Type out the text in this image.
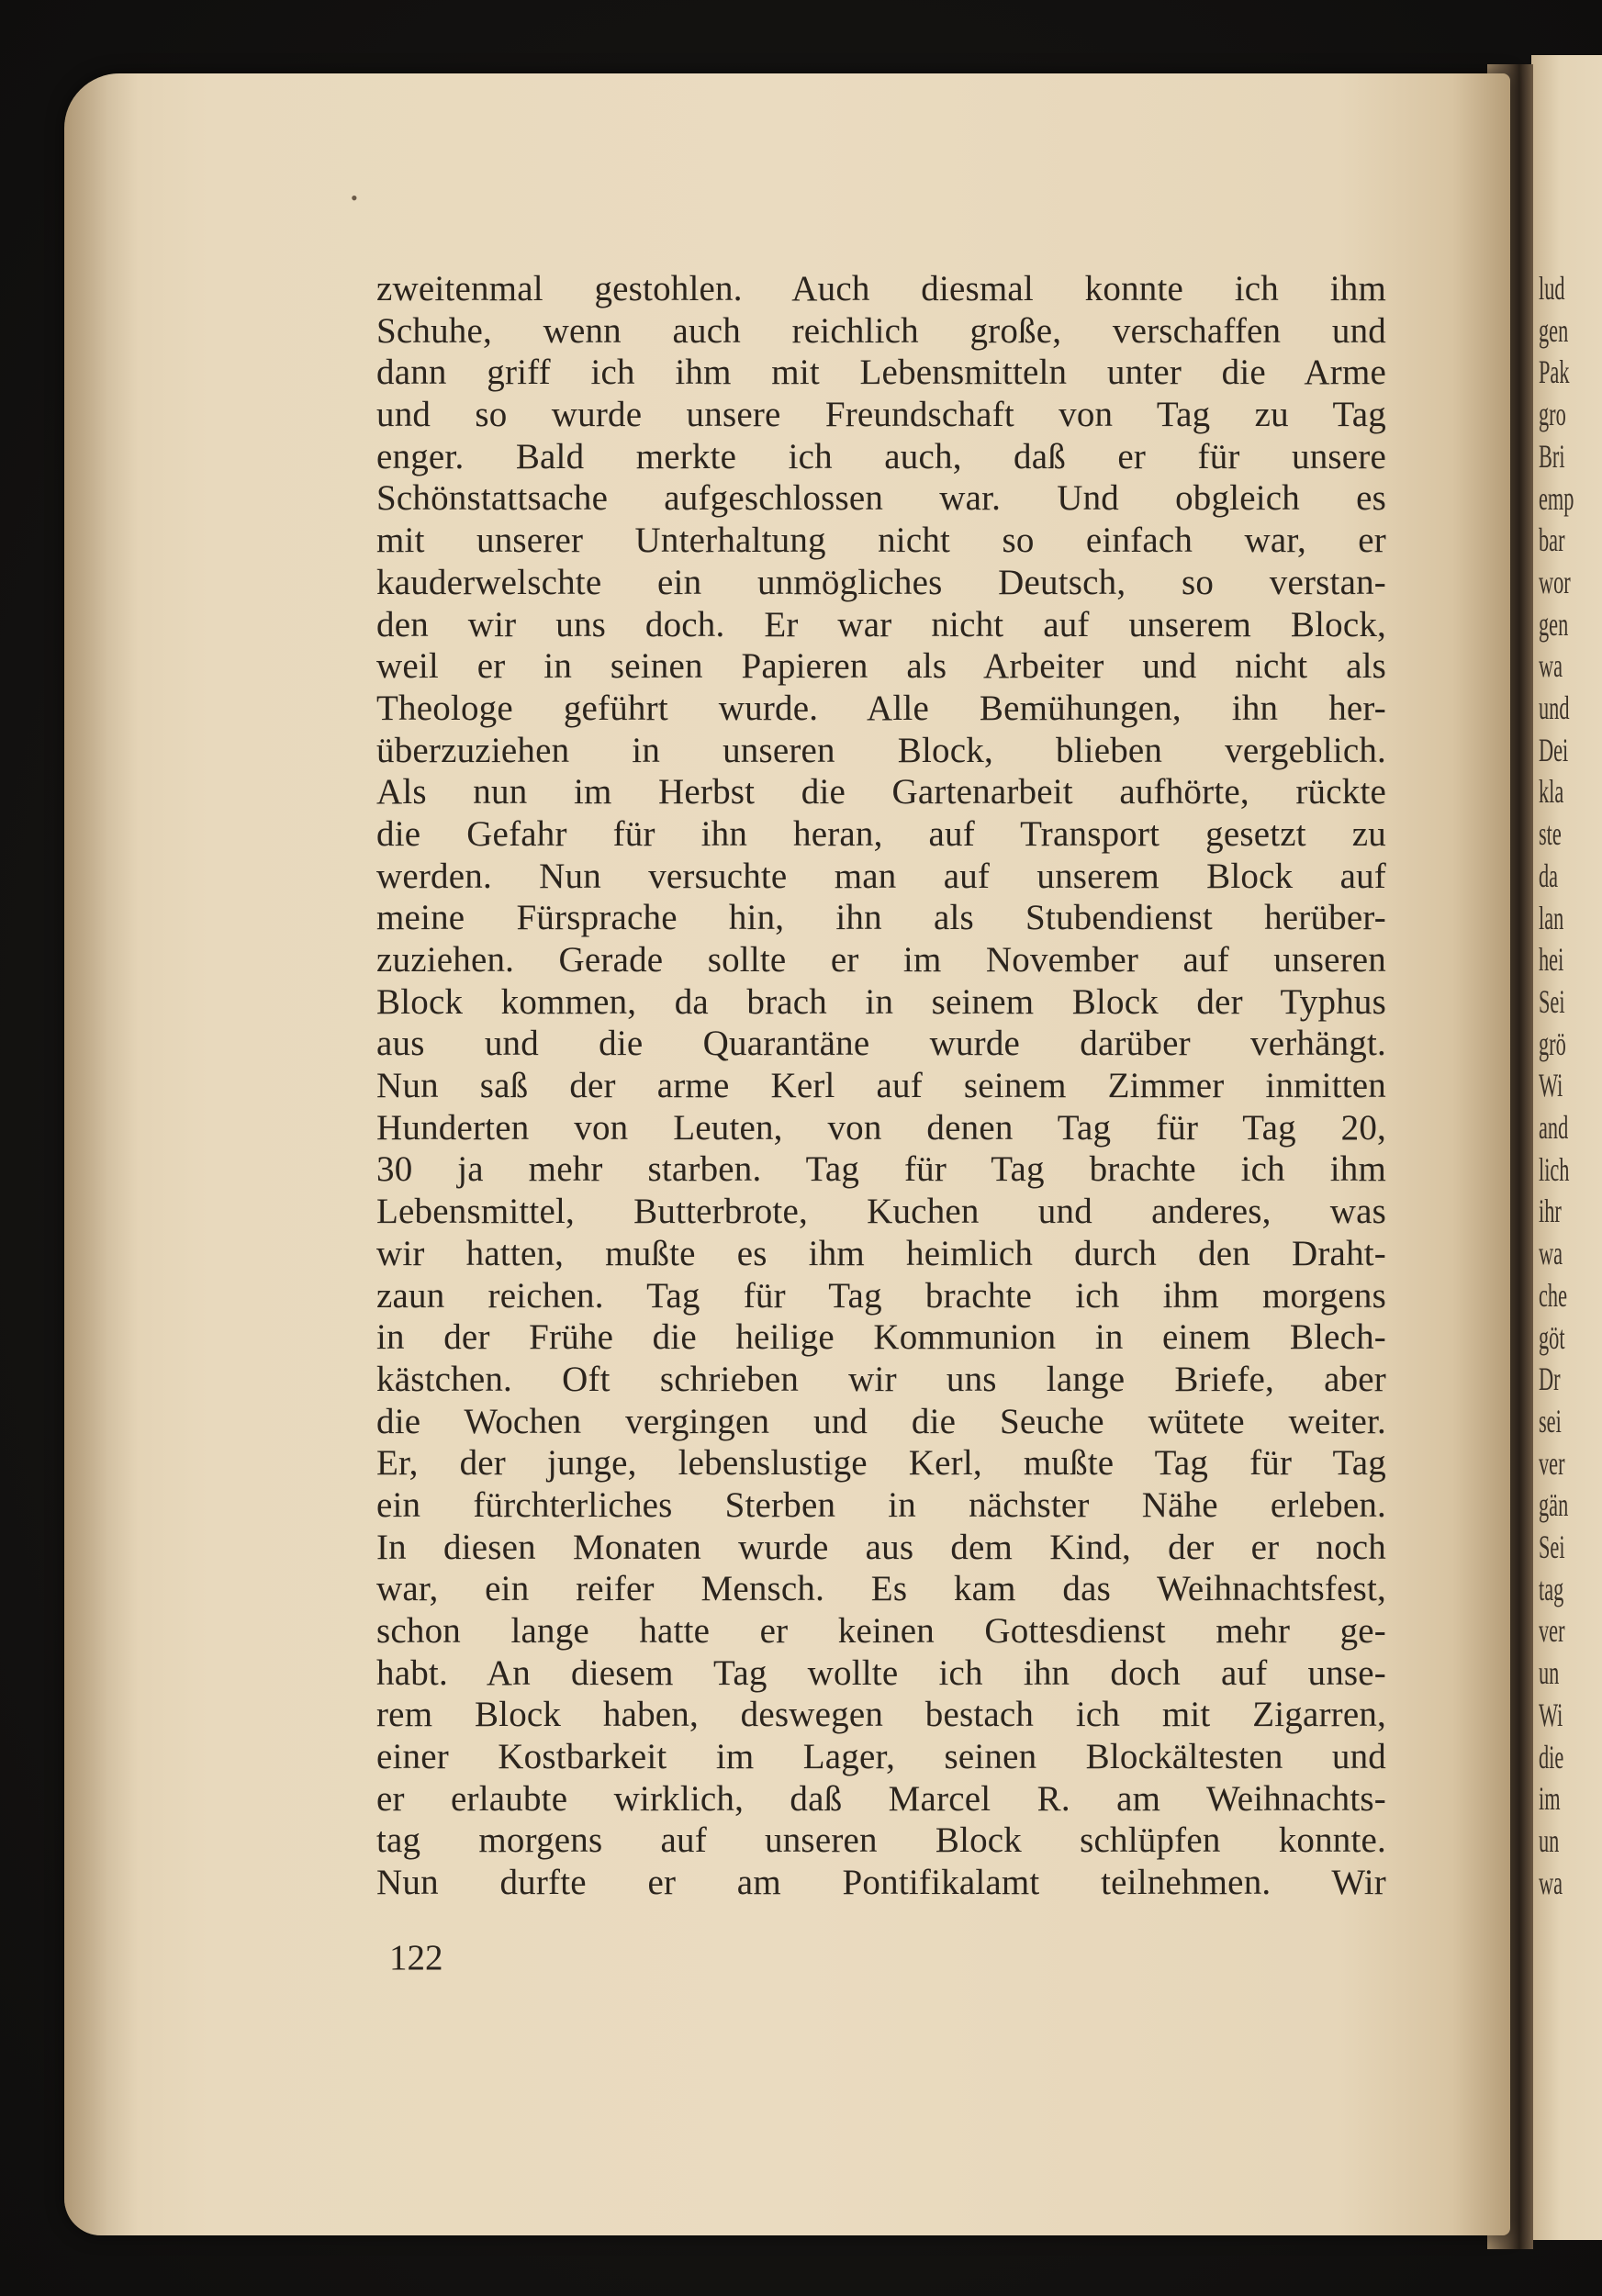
lud
gen
Pak
gro
Bri
emp
bar
wor
gen
wa
und
Dei
kla
ste
da
lan
hei
Sei
grö
Wi
and
lich
ihr
wa
che
göt
Dr
sei
ver
gän
Sei
tag
ver
un
Wi
die
im
un
wa
•
zweitenmal gestohlen. Auch diesmal konnte ich ihm
Schuhe, wenn auch reichlich große, verschaffen und
dann griff ich ihm mit Lebensmitteln unter die Arme
und so wurde unsere Freundschaft von Tag zu Tag
enger. Bald merkte ich auch, daß er für unsere
Schönstattsache aufgeschlossen war. Und obgleich es
mit unserer Unterhaltung nicht so einfach war, er
kauderwelschte ein unmögliches Deutsch, so verstan-
den wir uns doch. Er war nicht auf unserem Block,
weil er in seinen Papieren als Arbeiter und nicht als
Theologe geführt wurde. Alle Bemühungen, ihn her-
überzuziehen in unseren Block, blieben vergeblich.
Als nun im Herbst die Gartenarbeit aufhörte, rückte
die Gefahr für ihn heran, auf Transport gesetzt zu
werden. Nun versuchte man auf unserem Block auf
meine Fürsprache hin, ihn als Stubendienst herüber-
zuziehen. Gerade sollte er im November auf unseren
Block kommen, da brach in seinem Block der Typhus
aus und die Quarantäne wurde darüber verhängt.
Nun saß der arme Kerl auf seinem Zimmer inmitten
Hunderten von Leuten, von denen Tag für Tag 20,
30 ja mehr starben. Tag für Tag brachte ich ihm
Lebensmittel, Butterbrote, Kuchen und anderes, was
wir hatten, mußte es ihm heimlich durch den Draht-
zaun reichen. Tag für Tag brachte ich ihm morgens
in der Frühe die heilige Kommunion in einem Blech-
kästchen. Oft schrieben wir uns lange Briefe, aber
die Wochen vergingen und die Seuche wütete weiter.
Er, der junge, lebenslustige Kerl, mußte Tag für Tag
ein fürchterliches Sterben in nächster Nähe erleben.
In diesen Monaten wurde aus dem Kind, der er noch
war, ein reifer Mensch. Es kam das Weihnachtsfest,
schon lange hatte er keinen Gottesdienst mehr ge-
habt. An diesem Tag wollte ich ihn doch auf unse-
rem Block haben, deswegen bestach ich mit Zigarren,
einer Kostbarkeit im Lager, seinen Blockältesten und
er erlaubte wirklich, daß Marcel R. am Weihnachts-
tag morgens auf unseren Block schlüpfen konnte.
Nun durfte er am Pontifikalamt teilnehmen. Wir
122
